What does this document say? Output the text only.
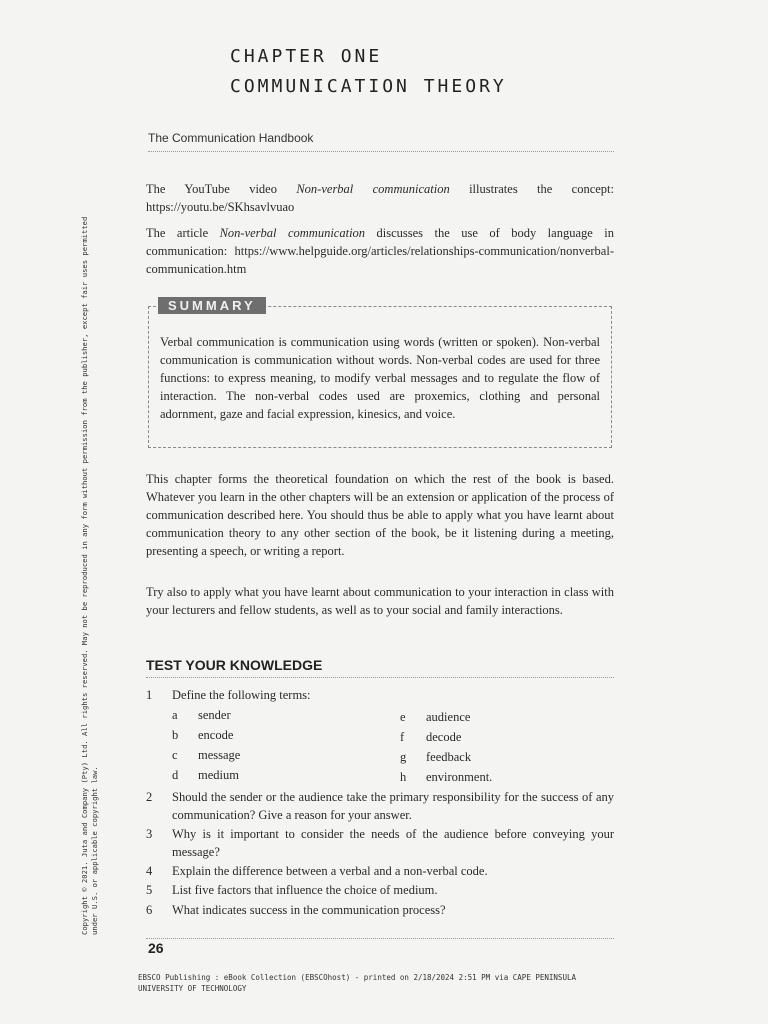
CHAPTER ONE
COMMUNICATION THEORY
Copyright © 2021. Juta and Company (Pty) Ltd. All rights reserved. May not be reproduced in any form without permission from the publisher, except fair uses permitted under U.S. or applicable copyright law.
The Communication Handbook
The YouTube video Non-verbal communication illustrates the concept: https://youtu.be/SKhsavlvuao
The article Non-verbal communication discusses the use of body language in communication: https://www.helpguide.org/articles/relationships-communication/nonverbal-communication.htm
SUMMARY
Verbal communication is communication using words (written or spoken). Non-verbal communication is communication without words. Non-verbal codes are used for three functions: to express meaning, to modify verbal messages and to regulate the flow of interaction. The non-verbal codes used are proxemics, clothing and personal adornment, gaze and facial expression, kinesics, and voice.
This chapter forms the theoretical foundation on which the rest of the book is based. Whatever you learn in the other chapters will be an extension or application of the process of communication described here. You should thus be able to apply what you have learnt about communication theory to any other section of the book, be it listening during a meeting, presenting a speech, or writing a report.
Try also to apply what you have learnt about communication to your interaction in class with your lecturers and fellow students, as well as to your social and family interactions.
TEST YOUR KNOWLEDGE
1	Define the following terms:
a sender
b encode
c message
d medium
e audience
f decode
g feedback
h environment.
2	Should the sender or the audience take the primary responsibility for the success of any communication? Give a reason for your answer.
3	Why is it important to consider the needs of the audience before conveying your message?
4	Explain the difference between a verbal and a non-verbal code.
5	List five factors that influence the choice of medium.
6	What indicates success in the communication process?
26
EBSCO Publishing : eBook Collection (EBSCOhost) - printed on 2/18/2024 2:51 PM via CAPE PENINSULA
UNIVERSITY OF TECHNOLOGY
